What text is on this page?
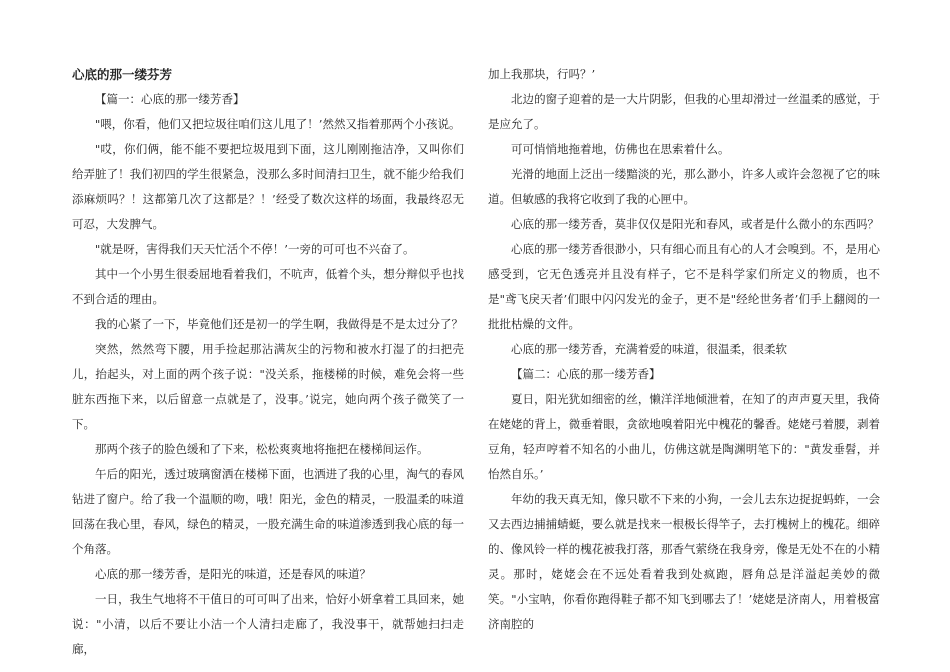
心底的那一缕芬芳

【篇一：心底的那一缕芳香】

"喂，你看，他们又把垃圾往咱们这儿甩了！’然然又指着那两个小孩说。

"哎，你们俩，能不能不要把垃圾甩到下面，这儿刚刚拖洁净，又叫你们给弄脏了！我们初四的学生很紧急，没那么多时间清扫卫生，就不能少给我们添麻烦吗？！这都第几次了这都是？！’经受了数次这样的场面，我最终忍无可忍，大发脾气。

"就是呀，害得我们天天忙活个不停！’一旁的可可也不兴奋了。

其中一个小男生很委屈地看着我们，不吭声，低着个头，想分辩似乎也找不到合适的理由。

我的心紧了一下，毕竟他们还是初一的学生啊，我做得是不是太过分了？

突然，然然弯下腰，用手捡起那沾满灰尘的污物和被水打湿了的扫把壳儿，抬起头，对上面的两个孩子说："没关系，拖楼梯的时候，难免会将一些脏东西拖下来，以后留意一点就是了，没事。’说完，她向两个孩子微笑了一下。

那两个孩子的脸色缓和了下来，松松爽爽地将拖把在楼梯间运作。

午后的阳光，透过玻璃窗洒在楼梯下面，也洒进了我的心里，淘气的春风钻进了窗户。给了我一个温顺的吻，哦！阳光，金色的精灵，一股温柔的味道回荡在我心里，春风，绿色的精灵，一股充满生命的味道渗透到我心底的每一个角落。

心底的那一缕芳香，是阳光的味道，还是春风的味道？

一日，我生气地将不干值日的可可叫了出来，恰好小妍拿着工具回来，她说："小清，以后不要让小洁一个人清扫走廊了，我没事干，就帮她扫扫走廊，

加上我那块，行吗？’

北边的窗子迎着的是一大片阴影，但我的心里却滑过一丝温柔的感觉，于是应允了。

可可悄悄地拖着地，仿佛也在思索着什么。

光滑的地面上泛出一缕黯淡的光，那么渺小，许多人或许会忽视了它的味道。但敏感的我将它收到了我的心匣中。

心底的那一缕芳香，莫非仅仅是阳光和春风，或者是什么微小的东西吗？

心底的那一缕芳香很渺小，只有细心而且有心的人才会嗅到。不，是用心感受到，它无色透亮并且没有样子，它不是科学家们所定义的物质，也不是"鸢飞戾天者’们眼中闪闪发光的金子，更不是"经纶世务者’们手上翻阅的一批批枯燥的文件。

心底的那一缕芳香，充满着爱的味道，很温柔，很柔软

【篇二：心底的那一缕芳香】

夏日，阳光犹如细密的丝，懒洋洋地倾泄着，在知了的声声夏天里，我倚在姥姥的背上，微垂着眼，贪欲地嗅着阳光中槐花的馨香。姥姥弓着腰，剥着豆角，轻声哼着不知名的小曲儿，仿佛这就是陶渊明笔下的："黄发垂髫，并怡然自乐。’

年幼的我天真无知，像只歇不下来的小狗，一会儿去东边捉捉蚂蚱，一会又去西边捕捕蜻蜓，要么就是找来一根极长得竿子，去打槐树上的槐花。细碎的、像风铃一样的槐花被我打落，那香气萦绕在我身旁，像是无处不在的小精灵。那时，姥姥会在不远处看着我到处疯跑，唇角总是洋溢起美妙的微笑。"小宝呐，你看你跑得鞋子都不知飞到哪去了！’姥姥是济南人，用着极富济南腔的
